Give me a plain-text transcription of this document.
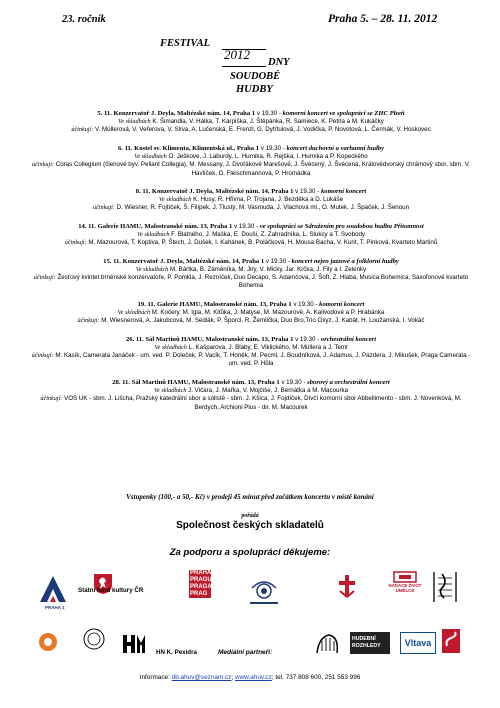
23. ročník	Praha 5. – 28. 11. 2012
FESTIVAL
2012
DNY
SOUDOBÉ
HUDBY
5. 11. Konzervatoř J. Deyla, Maltézské nám. 14, Praha 1 v 19.30 - komorní koncert ve spolupráci se ZHC Plzeň
Ve skladbách K. Šimandla, V. Hálka, T. Karpíška, J. Štěpánka, R. Samiece, K. Petrla a M. Kukáčky
účinkují: V. Müllerová, V. Veřerova, V. Slíva, A. Lučenská, E. Frenzl, G. Dytrtulová, J. Vodička, P. Novotová, L. Čermák, V. Hoskovec
6. 11. Kostel sv. Klimenta, Klimentská ul., Praha 1 v 19.30 - koncert duchovní a varhanní hudby
Ve skladbách O. Ješkove, J. Laburdy, L. Hurnika, R. Rejška, I. Hurnika a P. Kopeckého
účinkují: Coras Collegium (členové byv. Pellant Collegia), M. Messany, J. Dvořákové Marešové, J. Švécený, J. Švécená, Královédvorský chrámový sbor, sbm. V. Havlíček, D. Fleischmannová, P. Hromádka
8. 11. Konzervatoř J. Deyla, Maltézské nám. 14, Praha 1 v 19.30 - komorní koncert
Ve skladbách K. Husy, R. Hřivna, P. Trojana, J. Bezděka a D. Lukáše
účinkují: D. Wiesner, R. Fojtíček, Š. Filípek, J. Tlustý, M. Vasmuda, J. Vlachová ml., O. Mutek, J. Špaček, J. Šenoun
14. 11. Galerie HAMU, Malostranské nám. 13, Praha 1 v 19.30 - ve spolupráci se Sdružením pro soudobou hudbu Přítomnost
Ve skladbách F. Blatného, J. Maška, E. Douši, Z. Zahradníka, L. Slukcy a T. Svobody
účinkují: M. Mazourová, T. Koptiva, P. Štech, J. Dušek, I. Kahánek, B. Poláčková, H. Mousa Bacha, V. Kunt, T. Pinková, Kvarteto Martinů
15. 11. Konzervatoř J. Deyla, Maltézské nám. 14, Praha 1 v 19.30 - koncert nejen jazzové a folklorní hudby
Ve skladbách M. Bártka, B. Záměníka, M. Jiry, V. Micky, Jar. Krčka, J. Fily a I. Zelenky
účinkují: Žesťový kvintet brněnské konzervatoře, P. Pomkla, J. Rezníček, Duo Decapo, S. Adamčova, J. Šoft, Z. Hlaba, Musica Bohemica, Saxofonové kvarteto Bohemia
19. 11. Galerie HAMU, Malostranské nám. 13, Praha 1 v 19.30 - komorní koncert
Ve skladbách M. Kočery, M. Igla, M. Kitůka, J. Matyse, M. Mazourové, A. Kalivodové a P. Hrabánka
účinkují: M. Wiesnerová, A. Jakubcová, M. Sedlák, P. Šporcl, R. Žemlička, Duo Bro,Trio Oxyz, J. Kabát, H. Loužanská, I. Vokáč
26. 11. Sál Martinů HAMU, Malostranské nám. 13, Praha 1 v 19.30 - orchestrální koncert
Ve skladbách L. Kašparova, J. Blaby, E. Viklického, M. Müllera a J. Teml
účinkují: M. Kasík, Camerata Janáček - um. ved. P. Doleček, P. Vacík, T. Honěk, M. Pecml, J. Boudníková, J. Adamus, J. Pazdera, J. Mikušek, Praga Camerata - um. ved. P. Hůla
28. 11. Sál Martinů HAMU, Malostranské nám. 13, Praha 1 v 19.30 - sborový a orchestrální koncert
Ve skladbách J. Vičara, J. Mařka, V. Mojčiše, J. Bernátka a M. Macourka
účinkují: VOS UK - sbm. J. Lišcha, Pražský katedrální sbor a sólisté - sbm. J. Kšica, J. Fojdíček, Dívčí komorní sbor Abbellimento - sbm. J. Novenková, M. Berdych, Archioni Plus - dir. M. Macourek
Vstupenky (100,- a 50,- Kč) v prodeji 45 minut před začátkem koncertu v místě konání
pořádá
Společnost českých skladatelů
Za podporu a spolupráci děkujeme:
PRAHA 1
Státní fond kultury ČR
PRAHA
PRAGUE
PRAGA
PRAG
NADACE ŽIVOT UMĚLCE
HN K. Pexidra	Mediální partneři:
HUDEBNÍ ROZHLEDY	Vltava
Informace: db.ahuv@seznam.cz; www.ahuv.cz; tel. 737 808 600, 251 553 996
